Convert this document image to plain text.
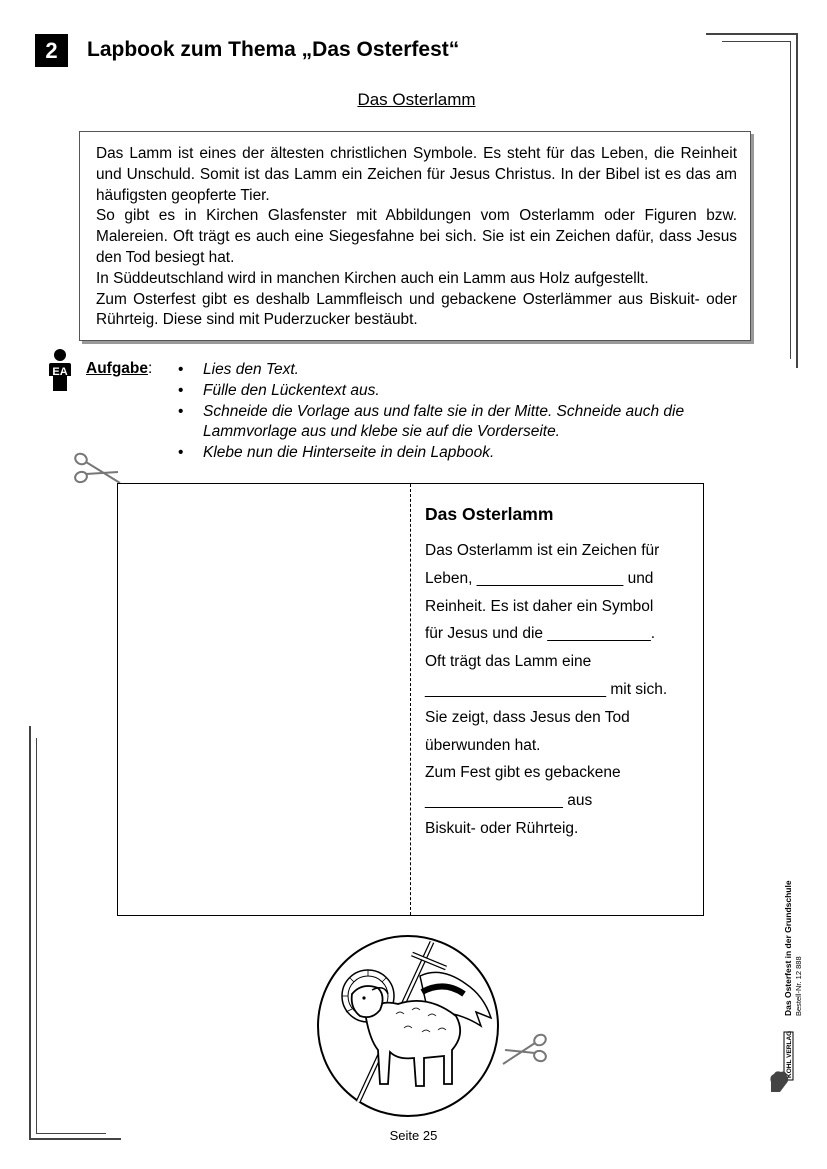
2	Lapbook zum Thema „Das Osterfest“
Das Osterlamm

Das Lamm ist eines der ältesten christlichen Symbole. Es steht für das Leben, die Reinheit und Unschuld. Somit ist das Lamm ein Zeichen für Jesus Christus. In der Bibel ist es das am häufigsten geopferte Tier.

So gibt es in Kirchen Glasfenster mit Abbildungen vom Osterlamm oder Figuren bzw. Malereien. Oft trägt es auch eine Siegesfahne bei sich. Sie ist ein Zeichen dafür, dass Jesus den Tod besiegt hat.

In Süddeutschland wird in manchen Kirchen auch ein Lamm aus Holz aufgestellt.

Zum Osterfest gibt es deshalb Lammfleisch und gebackene Osterlämmer aus Biskuit- oder Rührteig. Diese sind mit Puderzucker bestäubt.

EA Aufgabe:
•	Lies den Text.
• Fülle den Lückentext aus.
• Schneide die Vorlage aus und falte sie in der Mitte. Schneide auch die Lammvorlage aus und klebe sie auf die Vorderseite.
• Klebe nun die Hinterseite in dein Lapbook.
Das Osterlamm
Das Osterlamm ist ein Zeichen für
Leben, _________________ und
Reinheit. Es ist daher ein Symbol
für Jesus und die ____________.
Oft trägt das Lamm eine
_____________________ mit sich.
Sie zeigt, dass Jesus den Tod
überwunden hat.
Zum Fest gibt es gebackene
________________ aus
Biskuit- oder Rührteig.
Das Osterfest in der Grundschule Bestell-Nr. 12 888
KOHL VERLAG
Seite 25
